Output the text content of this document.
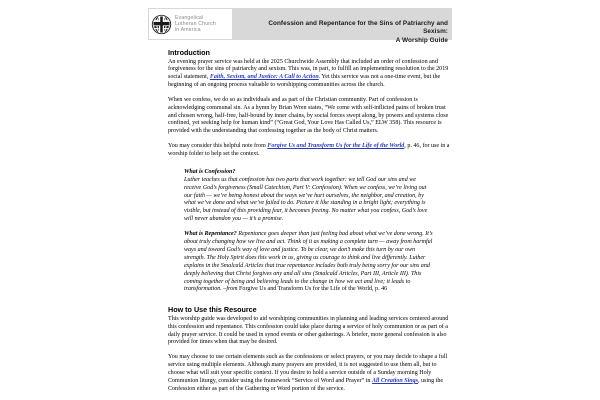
Evangelical
Lutheran Church
in America
Confession and Repentance for the Sins of Patriarchy and Sexism:
A Worship Guide
Introduction

An evening prayer service was held at the 2025 Churchwide Assembly that included an order of confession and forgiveness for the sins of patriarchy and sexism. This was, in part, to fulfill an implementing resolution to the 2019 social statement, Faith, Sexism, and Justice: A Call to Action. Yet this service was not a one-time event, but the beginning of an ongoing process valuable to worshipping communities across the church.

When we confess, we do so as individuals and as part of the Christian community. Part of confession is acknowledging communal sin. As a hymn by Brian Wren states, “We come with self-inflicted pains of broken trust and chosen wrong, half-free, half-bound by inner chains, by social forces swept along, by powers and systems close confined, yet seeking help for human kind” (“Great God, Your Love Has Called Us,” ELW 358). This resource is provided with the understanding that confessing together as the body of Christ matters.

You may consider this helpful note from Forgive Us and Transform Us for the Life of the World, p. 46, for use in a worship folder to help set the context.

What is Confession?

Luther teaches us that confession has two parts that work together: we tell God our sins and we receive God’s forgiveness (Small Catechism, Part V: Confession). When we confess, we’re living out our faith — we’re being honest about the ways we’ve hurt ourselves, the neighbor, and creation, by what we’ve done and what we’ve failed to do. Picture it like standing in a bright light; everything is visible, but instead of this providing fear, it becomes freeing. No matter what you confess, God’s love will never abandon you — it’s a promise.

What is Repentance? Repentance goes deeper than just feeling bad about what we’ve done wrong. It’s about truly changing how we live and act. Think of it as making a complete turn — away from harmful ways and toward God’s way of love and justice. To be clear, we don’t make this turn by our own strength. The Holy Spirit does this work in us, giving us courage to think and live differently. Luther explains in the Smalcald Articles that true repentance includes both truly being sorry for our sins and deeply believing that Christ forgives any and all sins (Smalcald Articles, Part III, Article III). This coming together of being and believing leads to the change in how we act and live; it leads to transformation. –from Forgive Us and Transform Us for the Life of the World, p. 46

How to Use this Resource

This worship guide was developed to aid worshiping communities in planning and leading services centered around this confession and repentance. This confession could take place during a service of holy communion or as part of a daily prayer service. It could be used in synod events or other gatherings. A briefer, more general confession is also provided for times when that may be desired.

You may choose to use certain elements such as the confessions or select prayers, or you may decide to shape a full service using multiple elements. Although many prayers are provided, it is not suggested to use them all, but to choose what will suit your specific context. If you desire to hold a service outside of a Sunday morning Holy Communion liturgy, consider using the framework “Service of Word and Prayer” in All Creation Sings, using the Confession either as part of the Gathering or Word portion of the service.
